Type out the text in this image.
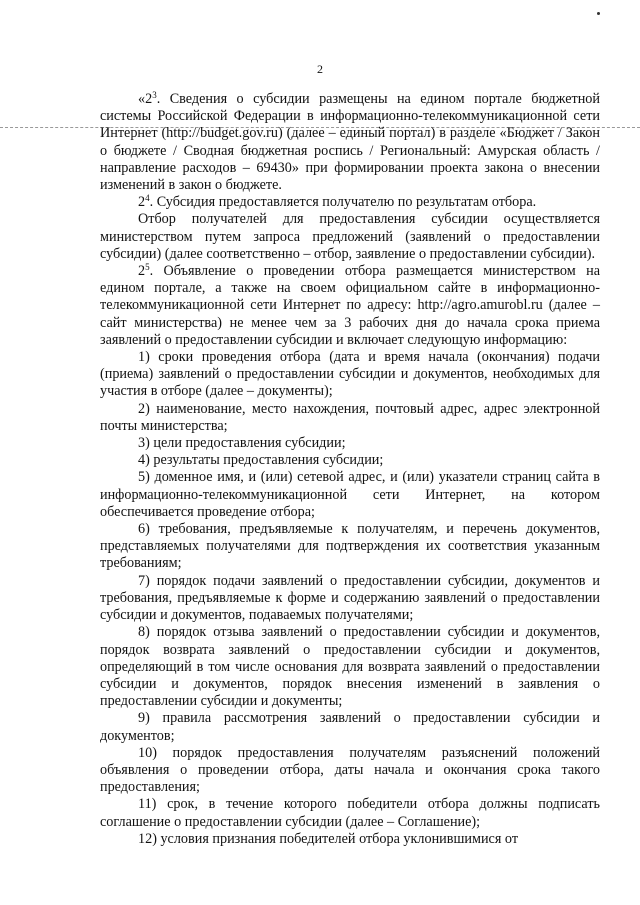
2

«$2^3$. Сведения о субсидии размещены на едином портале бюджетной системы Российской Федерации в информационно-телекоммуникационной сети Интернет (http://budget.gov.ru) (далее – единый портал) в разделе «Бюджет / Закон о бюджете / Сводная бюджетная роспись / Региональный: Амурская область / направление расходов – 69430» при формировании проекта закона о внесении изменений в закон о бюджете.

$2^4$. Субсидия предоставляется получателю по результатам отбора.

Отбор получателей для предоставления субсидии осуществляется министерством путем запроса предложений (заявлений о предоставлении субсидии) (далее соответственно – отбор, заявление о предоставлении субсидии).

$2^5$. Объявление о проведении отбора размещается министерством на едином портале, а также на своем официальном сайте в информационно-телекоммуникационной сети Интернет по адресу: http://agro.amurobl.ru (далее – сайт министерства) не менее чем за 3 рабочих дня до начала срока приема заявлений о предоставлении субсидии и включает следующую информацию:

1) сроки проведения отбора (дата и время начала (окончания) подачи (приема) заявлений о предоставлении субсидии и документов, необходимых для участия в отборе (далее – документы);

2) наименование, место нахождения, почтовый адрес, адрес электронной почты министерства;

3) цели предоставления субсидии;

4) результаты предоставления субсидии;

5) доменное имя, и (или) сетевой адрес, и (или) указатели страниц сайта в информационно-телекоммуникационной сети Интернет, на котором обеспечивается проведение отбора;

6) требования, предъявляемые к получателям, и перечень документов, представляемых получателями для подтверждения их соответствия указанным требованиям;

7) порядок подачи заявлений о предоставлении субсидии, документов и требования, предъявляемые к форме и содержанию заявлений о предоставлении субсидии и документов, подаваемых получателями;

8) порядок отзыва заявлений о предоставлении субсидии и документов, порядок возврата заявлений о предоставлении субсидии и документов, определяющий в том числе основания для возврата заявлений о предоставлении субсидии и документов, порядок внесения изменений в заявления о предоставлении субсидии и документы;

9) правила рассмотрения заявлений о предоставлении субсидии и документов;

10) порядок предоставления получателям разъяснений положений объявления о проведении отбора, даты начала и окончания срока такого предоставления;

11) срок, в течение которого победители отбора должны подписать соглашение о предоставлении субсидии (далее – Соглашение);

12) условия признания победителей отбора уклонившимися от
